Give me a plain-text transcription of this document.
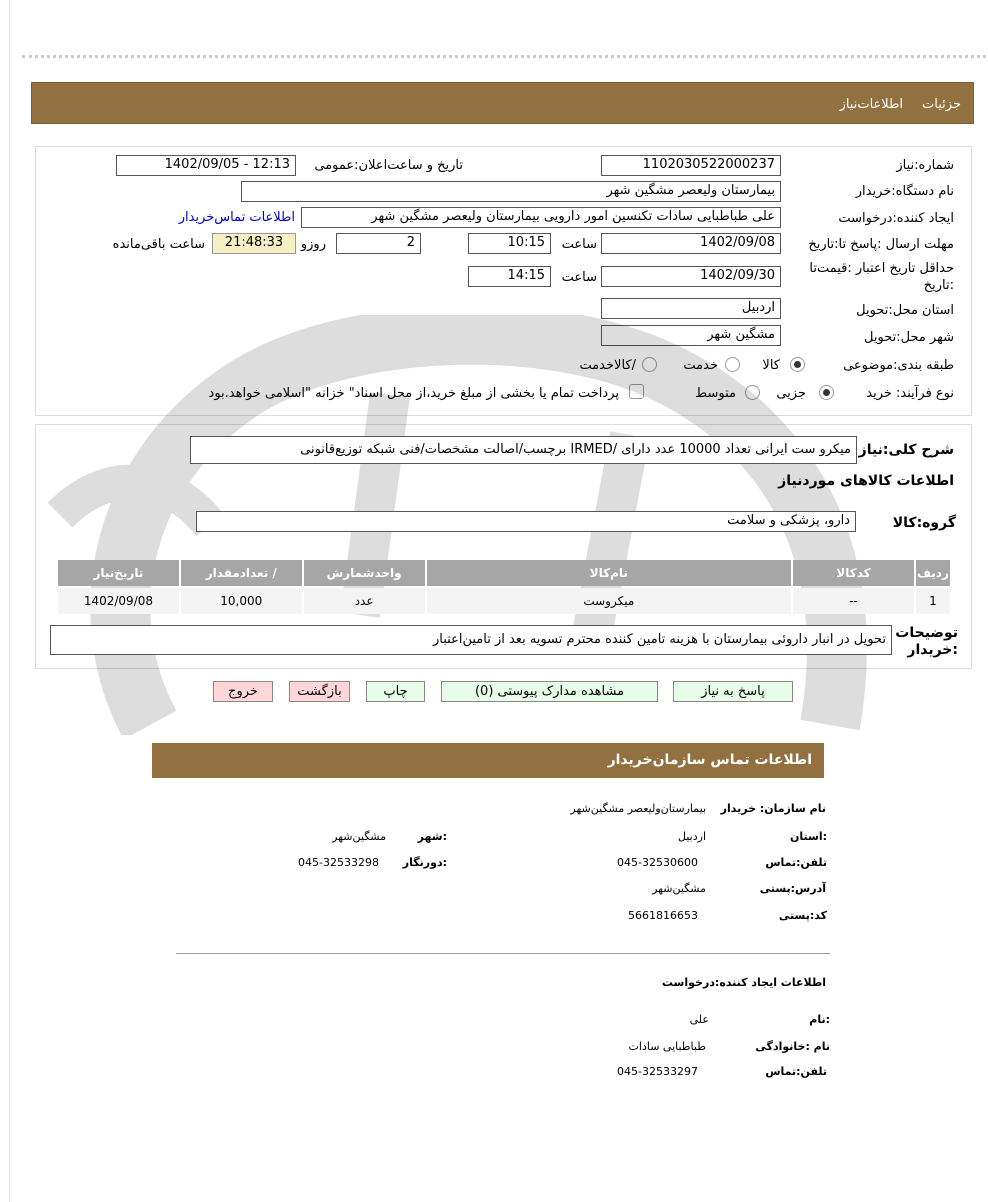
جزئیات
اطلاعات‌نیاز
شماره:نیاز
1102030522000237
تاریخ و ساعت‌اعلان:عمومی
1402/09/05 - 12:13
نام دستگاه:خریدار
بیمارستان ولیعصر مشگین شهر
ایجاد کننده:درخواست
علی طباطبایی سادات تکنسین امور دارویی بیمارستان ولیعصر مشگین شهر
اطلاعات تماس‌خریدار
مهلت ارسال :پاسخ تا:تاریخ
1402/09/08
ساعت
10:15
2
روزو
21:48:33
ساعت باقی‌مانده
حداقل تاریخ اعتبار :قیمت‌تا
:تاریخ
1402/09/30
ساعت
14:15
استان محل:تحویل
اردبیل
شهر محل:تحویل
مشگین شهر
طبقه بندی:موضوعی
کالا
خدمت
/کالاخدمت
نوع فرآیند: خرید
جزیی
متوسط
پرداخت تمام یا بخشی از مبلغ خرید،از محل اسناد" خزانه "اسلامی خواهد.بود
شرح کلی:نیاز
میکرو ست ایرانی تعداد 10000 عدد دارای /IRMED برچسب/اصالت مشخصات/فنی شبکه توزیع‌قانونی
اطلاعات کالاهای موردنیاز
گروه:کالا
دارو، پزشکی و سلامت
ردیف	کدکالا	نام‌کالا	واحدشمارش	/ تعدادمقدار	تاریخ‌نیاز
1	--	میکروست	عدد	10,000	1402/09/08
توضیحات
:خریدار
تحویل در انبار داروئی بیمارستان با هزینه تامین کننده محترم تسویه بعد از تامین‌اعتبار
پاسخ به نیاز
مشاهده مدارک پیوستی (0)
چاپ
بازگشت
خروج
اطلاعات تماس سازمان‌خریدار
نام سازمان: خریدار
بیمارستان‌ولیعصر مشگین‌شهر
:استان
اردبیل
:شهر
مشگین‌شهر
تلفن:تماس
045-32530600
:دورنگار
045-32533298
آدرس:پستی
مشگین‌شهر
کد:پستی
5661816653
اطلاعات ایجاد کننده:درخواست
:نام
علی
نام :خانوادگی
طباطبایی سادات
تلفن:تماس
045-32533297
